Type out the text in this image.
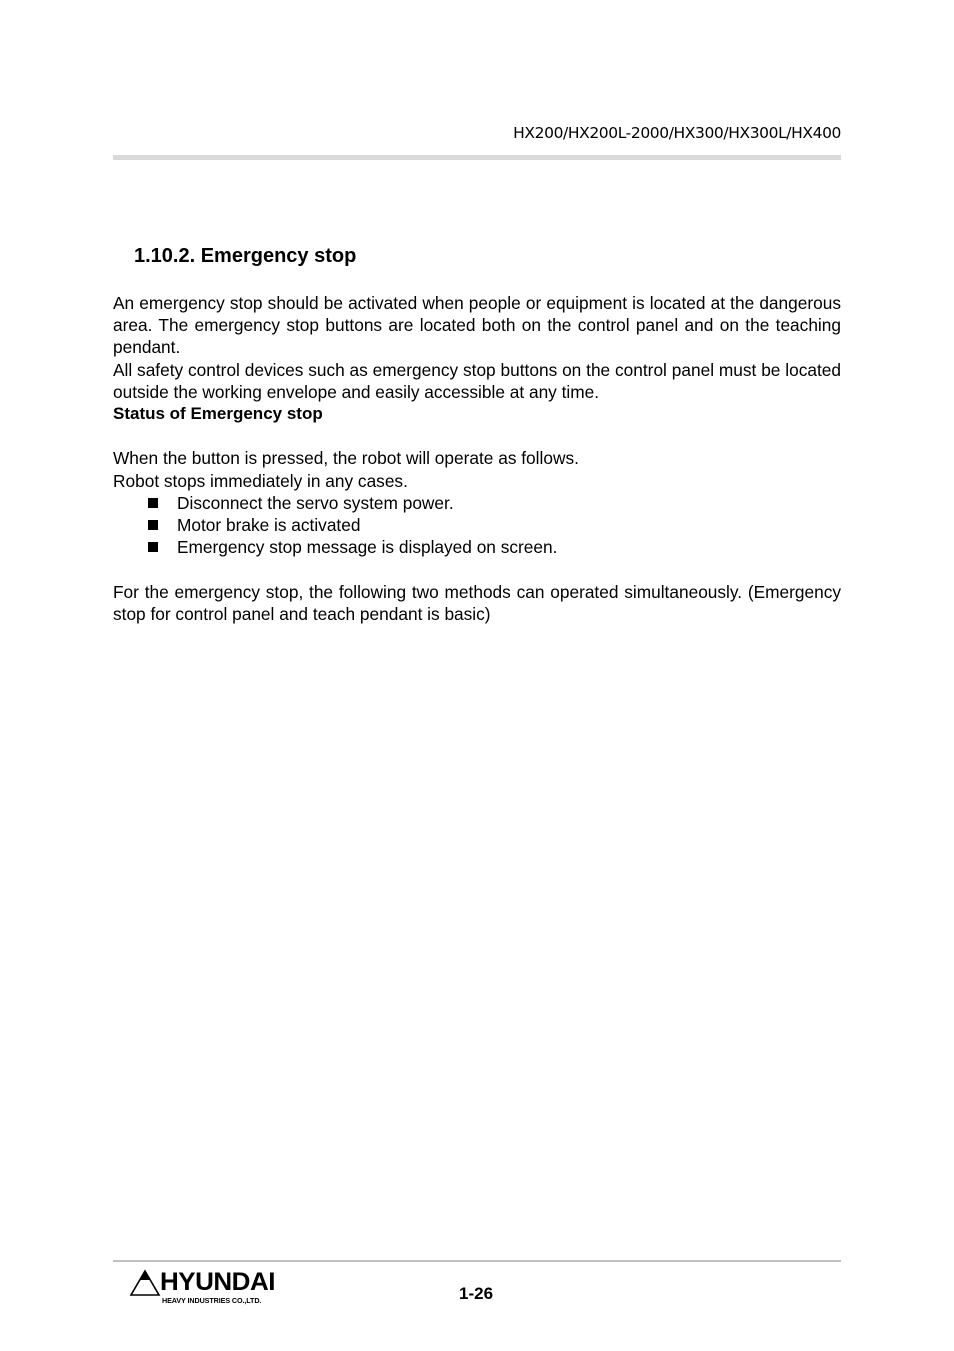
HX200/HX200L-2000/HX300/HX300L/HX400
1.10.2. Emergency stop

An emergency stop should be activated when people or equipment is located at the dangerous area. The emergency stop buttons are located both on the control panel and on the teaching pendant.

All safety control devices such as emergency stop buttons on the control panel must be located outside the working envelope and easily accessible at any time.

Status of Emergency stop

When the button is pressed, the robot will operate as follows.

Robot stops immediately in any cases.

Disconnect the servo system power.
Motor brake is activated
Emergency stop message is displayed on screen.

For the emergency stop, the following two methods can operated simultaneously. (Emergency stop for control panel and teach pendant is basic)

HYUNDAI
HEAVY INDUSTRIES CO.,LTD.	1-26
